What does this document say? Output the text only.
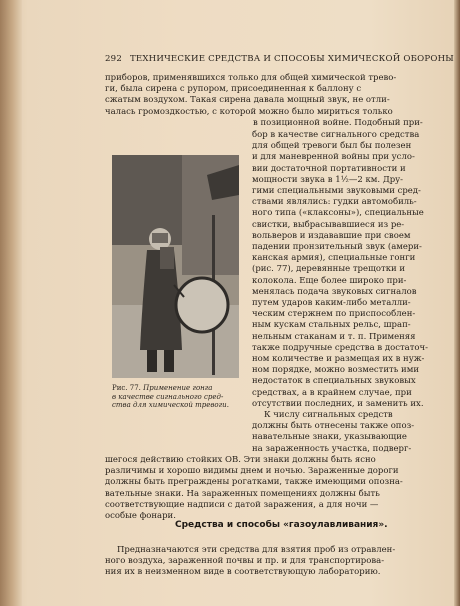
292 ТЕХНИЧЕСКИЕ СРЕДСТВА И СПОСОБЫ ХИМИЧЕСКОЙ ОБОРОНЫ
приборов, применявшихся только для общей химической трево-
ги, была сирена с рупором, присоединенная к баллону с
сжатым воздухом. Такая сирена давала мощный звук, не отли-
чалась громоздкостью, с которой можно было мириться только
в позиционной войне. Подобный при-
Рис. 77. Применение гонга
в качестве сигнального сред-
ства для химической тревоги.
бор в качестве сигнального средства
для общей тревоги был бы полезен
и для маневренной войны при усло-
вии достаточной портативности и
мощности звука в 1½—2 км. Дру-
гими специальными звуковыми сред-
ствами являлись: гудки автомобиль-
ного типа («клаксоны»), специальные
свистки, выбрасывавшиеся из ре-
вольверов и издававшие при своем
падении пронзительный звук (амери-
канская армия), специальные гонги
(рис. 77), деревянные трещотки и
колокола. Еще более широко при-
менялась подача звуковых сигналов
путем ударов каким-либо металли-
ческим стержнем по приспособлен-
ным кускам стальных рельс, шрап-
нельным стаканам и т. п. Применяя
также подручные средства в достаточ-
ном количестве и размещая их в нуж-
ном порядке, можно возместить ими
недостаток в специальных звуковых
средствах, а в крайнем случае, при
отсутствии последних, и заменить их.
К числу сигнальных средств
должны быть отнесены также опоз-
навательные знаки, указывающие
на зараженность участка, подверг-
шегося действию стойких ОВ. Эти знаки должны быть ясно
различимы и хорошо видимы днем и ночью. Зараженные дороги
должны быть преграждены рогатками, также имеющими опозна-
вательные знаки. На зараженных помещениях должны быть
соответствующие надписи с датой заражения, а для ночи —
особые фонари.
Средства и способы «газоулавливания».
Предназначаются эти средства для взятия проб из отравлен-
ного воздуха, зараженной почвы и пр. и для транспортирова-
ния их в неизменном виде в соответствующую лабораторию.
